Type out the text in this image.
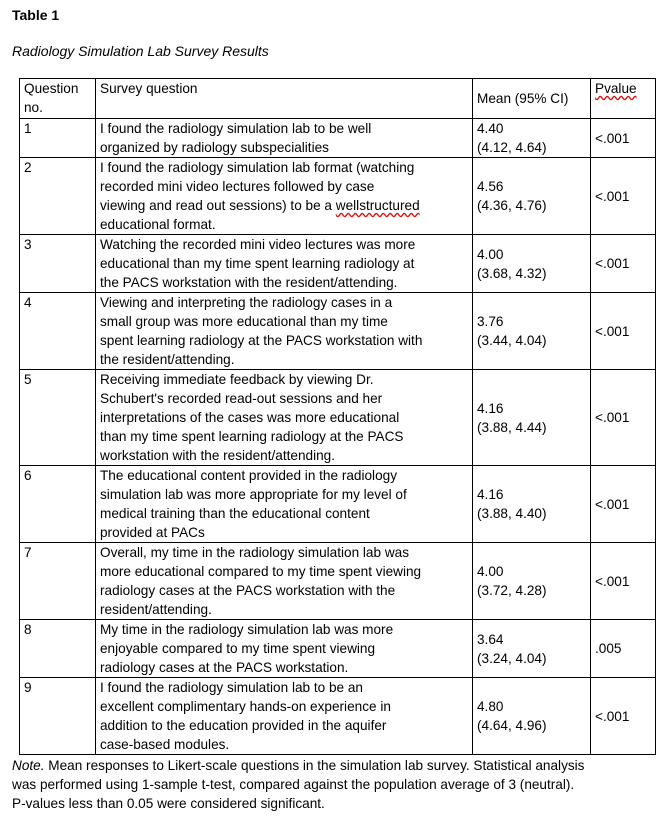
Table 1
Radiology Simulation Lab Survey Results
Question
no.	Survey question	Mean (95% CI)	Pvalue
1	I found the radiology simulation lab to be well
organized by radiology subspecialities	4.40
(4.12, 4.64)	<.001
2	I found the radiology simulation lab format (watching
recorded mini video lectures followed by case
viewing and read out sessions) to be a wellstructured
educational format.	4.56
(4.36, 4.76)	<.001
3	Watching the recorded mini video lectures was more
educational than my time spent learning radiology at
the PACS workstation with the resident/attending.	4.00
(3.68, 4.32)	<.001
4	Viewing and interpreting the radiology cases in a
small group was more educational than my time
spent learning radiology at the PACS workstation with
the resident/attending.	3.76
(3.44, 4.04)	<.001
5	Receiving immediate feedback by viewing Dr.
Schubert's recorded read-out sessions and her
interpretations of the cases was more educational
than my time spent learning radiology at the PACS
workstation with the resident/attending.	4.16
(3.88, 4.44)	<.001
6	The educational content provided in the radiology
simulation lab was more appropriate for my level of
medical training than the educational content
provided at PACs	4.16
(3.88, 4.40)	<.001
7	Overall, my time in the radiology simulation lab was
more educational compared to my time spent viewing
radiology cases at the PACS workstation with the
resident/attending.	4.00
(3.72, 4.28)	<.001
8	My time in the radiology simulation lab was more
enjoyable compared to my time spent viewing
radiology cases at the PACS workstation.	3.64
(3.24, 4.04)	.005
9	I found the radiology simulation lab to be an
excellent complimentary hands-on experience in
addition to the education provided in the aquifer
case-based modules.	4.80
(4.64, 4.96)	<.001
Note. Mean responses to Likert-scale questions in the simulation lab survey. Statistical analysis
was performed using 1-sample t-test, compared against the population average of 3 (neutral).
P-values less than 0.05 were considered significant.
